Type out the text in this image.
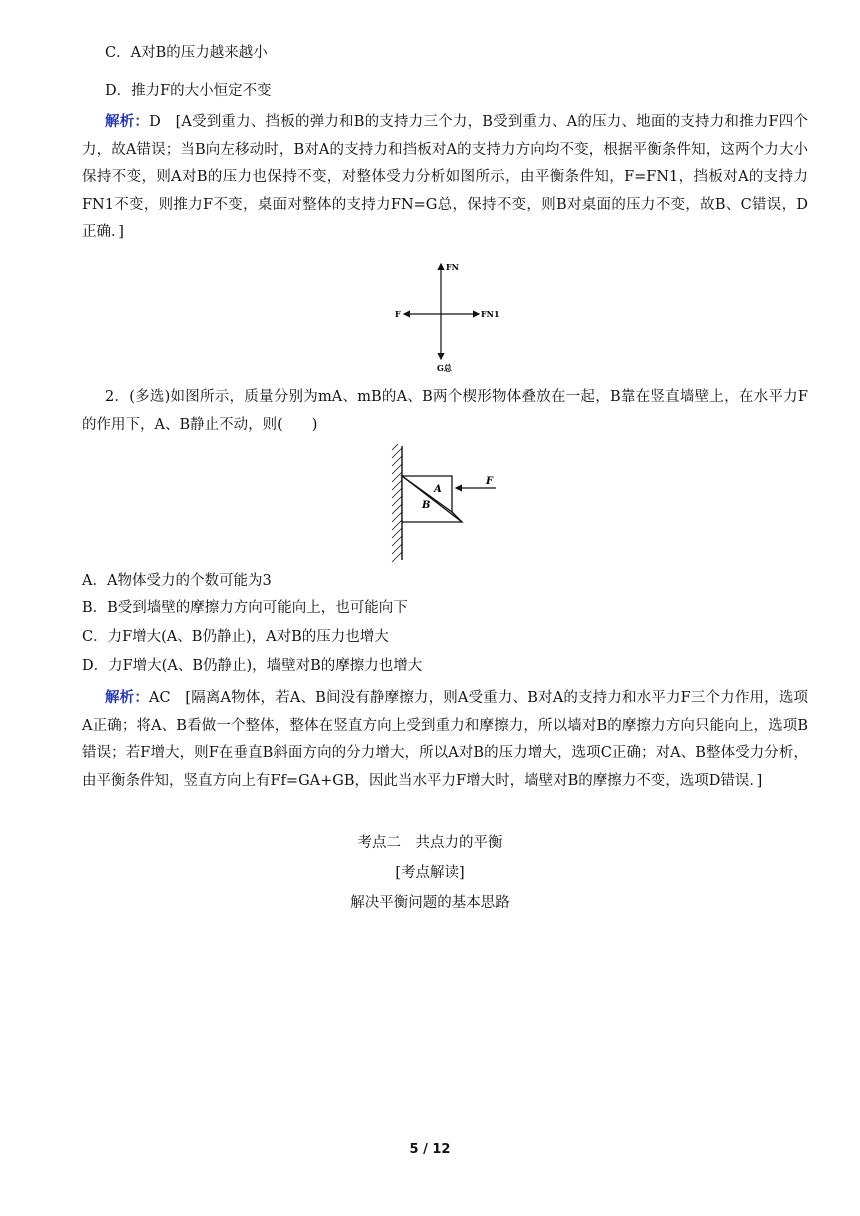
C．A对B的压力越来越小
D．推力F的大小恒定不变
解析：D　[A受到重力、挡板的弹力和B的支持力三个力，B受到重力、A的压力、地面的支持力和推力F四个力，故A错误；当B向左移动时，B对A的支持力和挡板对A的支持力方向均不变，根据平衡条件知，这两个力大小保持不变，则A对B的压力也保持不变，对整体受力分析如图所示，由平衡条件知，F=FN1，挡板对A的支持力FN1不变，则推力F不变，桌面对整体的支持力FN=G总，保持不变，则B对桌面的压力不变，故B、C错误，D正确．]
FN
F	FN1
G总
2．(多选)如图所示，质量分别为mA、mB的A、B两个楔形物体叠放在一起，B靠在竖直墙壁上，在水平力F的作用下，A、B静止不动，则(　　)
A
B
F
A．A物体受力的个数可能为3
B．B受到墙壁的摩擦力方向可能向上，也可能向下
C．力F增大(A、B仍静止)，A对B的压力也增大
D．力F增大(A、B仍静止)，墙壁对B的摩擦力也增大
解析：AC　[隔离A物体，若A、B间没有静摩擦力，则A受重力、B对A的支持力和水平力F三个力作用，选项A正确；将A、B看做一个整体，整体在竖直方向上受到重力和摩擦力，所以墙对B的摩擦力方向只能向上，选项B错误；若F增大，则F在垂直B斜面方向的分力增大，所以A对B的压力增大，选项C正确；对A、B整体受力分析，由平衡条件知，竖直方向上有Ff=GA+GB，因此当水平力F增大时，墙壁对B的摩擦力不变，选项D错误．]
考点二　共点力的平衡
[考点解读]
解决平衡问题的基本思路
5 / 12
